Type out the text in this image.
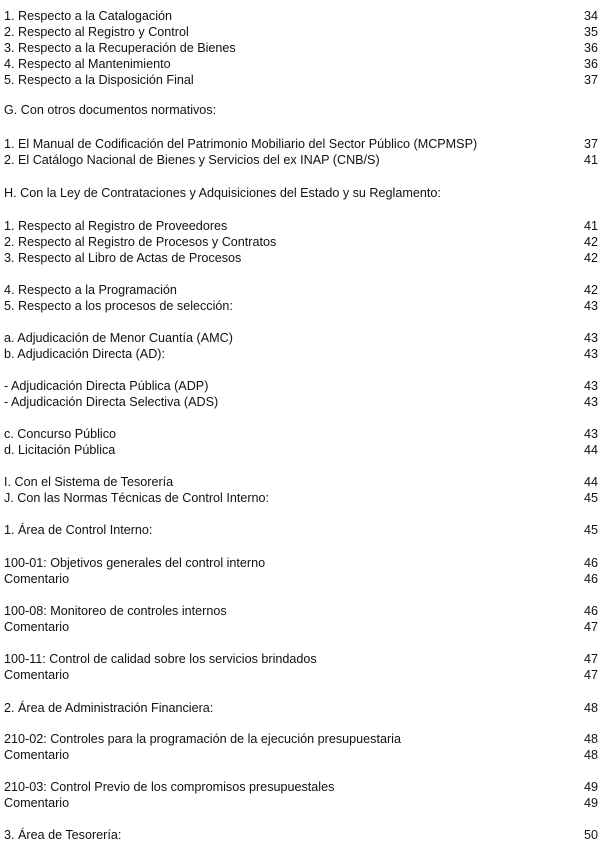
1. Respecto a la Catalogación	34
2. Respecto al Registro y Control	35
3. Respecto a la Recuperación de Bienes	36
4. Respecto al Mantenimiento	36
5. Respecto a la Disposición Final	37
G. Con otros documentos normativos:
1. El Manual de Codificación del Patrimonio Mobiliario del Sector Público (MCPMSP)	37
2. El Catálogo Nacional de Bienes y Servicios del ex INAP (CNB/S)	41
H. Con la Ley de Contrataciones y Adquisiciones del Estado y su Reglamento:
1. Respecto al Registro de Proveedores	41
2. Respecto al Registro de Procesos y Contratos	42
3. Respecto al Libro de Actas de Procesos	42
4. Respecto a la Programación	42
5. Respecto a los procesos de selección:	43
a. Adjudicación de Menor Cuantía (AMC)	43
b. Adjudicación Directa (AD):	43
- Adjudicación Directa Pública (ADP)	43
- Adjudicación Directa Selectiva (ADS)	43
c. Concurso Público	43
d. Licitación Pública	44
I. Con el Sistema de Tesorería	44
J. Con las Normas Técnicas de Control Interno:	45
1. Área de Control Interno:	45
100-01: Objetivos generales del control interno	46
Comentario	46
100-08: Monitoreo de controles internos	46
Comentario	47
100-11: Control de calidad sobre los servicios brindados	47
Comentario	47
2. Área de Administración Financiera:	48
210-02: Controles para la programación de la ejecución presupuestaria	48
Comentario	48
210-03: Control Previo de los compromisos presupuestales	49
Comentario	49
3. Área de Tesorería:	50
